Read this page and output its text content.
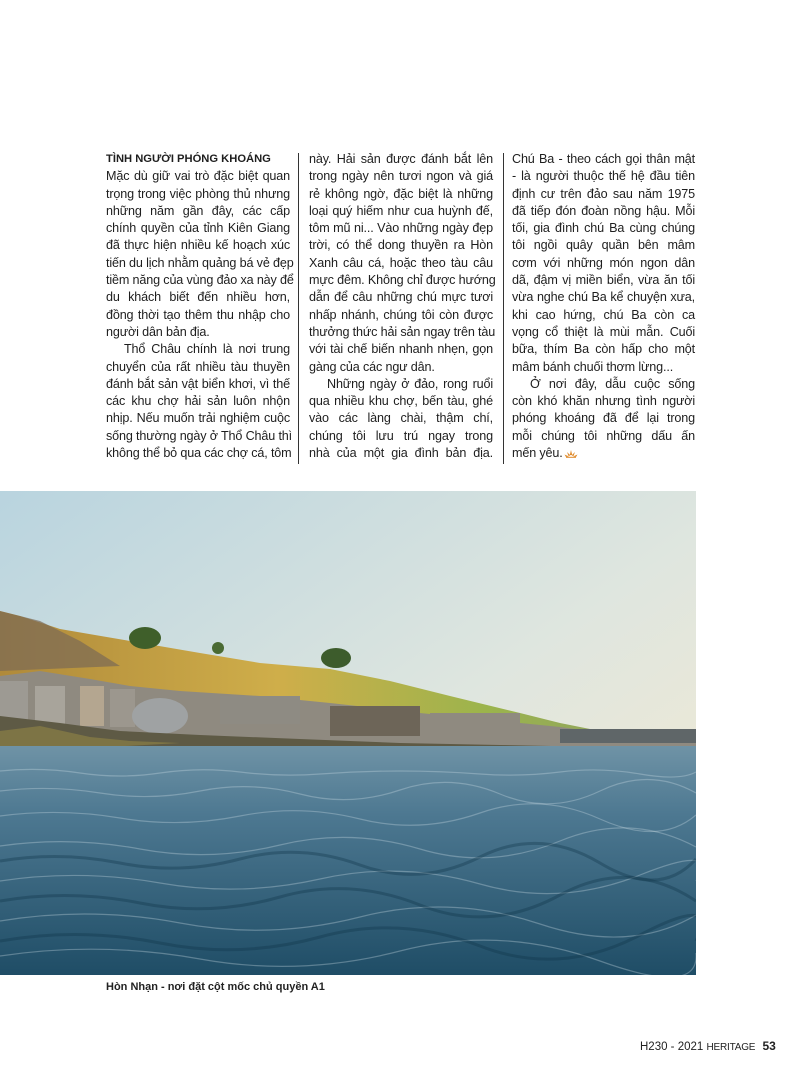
TÌNH NGƯỜI PHÓNG KHOÁNG
Mặc dù giữ vai trò đặc biệt quan
trọng trong việc phòng thủ nhưng
những năm gần đây, các cấp
chính quyền của tỉnh Kiên Giang
đã thực hiện nhiều kế hoạch xúc
tiến du lịch nhằm quảng bá vẻ đẹp
tiềm năng của vùng đảo xa này để
du khách biết đến nhiều hơn,
đồng thời tạo thêm thu nhập cho
người dân bản địa.
Thổ Châu chính là nơi trung
chuyển của rất nhiều tàu thuyền
đánh bắt sản vật biển khơi, vì thế
các khu chợ hải sản luôn nhộn
nhịp. Nếu muốn trải nghiệm cuộc
sống thường ngày ở Thổ Châu thì
không thể bỏ qua các chợ cá, tôm
này. Hải sản được đánh bắt lên
trong ngày nên tươi ngon và giá
rẻ không ngờ, đặc biệt là những
loại quý hiếm như cua huỳnh đế,
tôm mũ ni... Vào những ngày đẹp
trời, có thể dong thuyền ra Hòn
Xanh câu cá, hoặc theo tàu câu
mực đêm. Không chỉ được hướng
dẫn để câu những chú mực tươi
nhấp nhánh, chúng tôi còn được
thưởng thức hải sản ngay trên tàu
với tài chế biến nhanh nhẹn, gọn
gàng của các ngư dân.
Những ngày ở đảo, rong ruổi
qua nhiều khu chợ, bến tàu, ghé
vào các làng chài, thậm chí,
chúng tôi lưu trú ngay trong
nhà của một gia đình bản địa.
Chú Ba - theo cách gọi thân mật
- là người thuộc thế hệ đầu tiên
định cư trên đảo sau năm 1975
đã tiếp đón đoàn nồng hậu. Mỗi
tối, gia đình chú Ba cùng chúng
tôi ngồi quây quần bên mâm
cơm với những món ngon dân
dã, đậm vị miền biển, vừa ăn tối
vừa nghe chú Ba kể chuyện xưa,
khi cao hứng, chú Ba còn ca
vọng cổ thiệt là mùi mẫn. Cuối
bữa, thím Ba còn hấp cho một
mâm bánh chuối thơm lừng...
Ở nơi đây, dẫu cuộc sống
còn khó khăn nhưng tình người
phóng khoáng đã để lại trong
mỗi chúng tôi những dấu ấn
mến yêu.
Hòn Nhạn - nơi đặt cột mốc chủ quyền A1
H230 - 2021 HERITAGE 53
